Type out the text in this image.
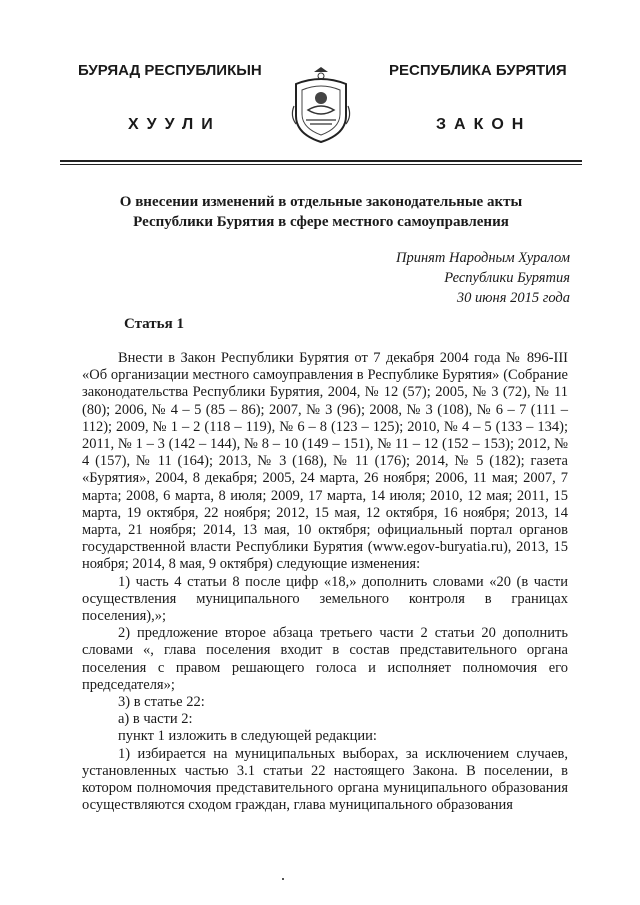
БУРЯАД РЕСПУБЛИКЫН
ХУУЛИ
РЕСПУБЛИКА БУРЯТИЯ
ЗАКОН
О внесении изменений в отдельные законодательные акты
Республики Бурятия в сфере местного самоуправления
Принят Народным Хуралом
Республики Бурятия
30 июня 2015 года
Статья 1

Внести в Закон Республики Бурятия от 7 декабря 2004 года № 896-III «Об организации местного самоуправления в Республике Бурятия» (Собрание законодательства Республики Бурятия, 2004, № 12 (57); 2005, № 3 (72), № 11 (80); 2006, № 4 – 5 (85 – 86); 2007, № 3 (96); 2008, № 3 (108), № 6 – 7 (111 – 112); 2009, № 1 – 2 (118 – 119), № 6 – 8 (123 – 125); 2010, № 4 – 5 (133 – 134); 2011, № 1 – 3 (142 – 144), № 8 – 10 (149 – 151), № 11 – 12 (152 – 153); 2012, № 4 (157), № 11 (164); 2013, № 3 (168), № 11 (176); 2014, № 5 (182); газета «Бурятия», 2004, 8 декабря; 2005, 24 марта, 26 ноября; 2006, 11 мая; 2007, 7 марта; 2008, 6 марта, 8 июля; 2009, 17 марта, 14 июля; 2010, 12 мая; 2011, 15 марта, 19 октября, 22 ноября; 2012, 15 мая, 12 октября, 16 ноября; 2013, 14 марта, 21 ноября; 2014, 13 мая, 10 октября; официальный портал органов государственной власти Республики Бурятия (www.egov-buryatia.ru), 2013, 15 ноября; 2014, 8 мая, 9 октября) следующие изменения:

1) часть 4 статьи 8 после цифр «18,» дополнить словами «20 (в части осуществления муниципального земельного контроля в границах поселения),»;

2) предложение второе абзаца третьего части 2 статьи 20 дополнить словами «, глава поселения входит в состав представительного органа поселения с правом решающего голоса и исполняет полномочия его председателя»;

3) в статье 22:

а) в части 2:

пункт 1 изложить в следующей редакции:

1) избирается на муниципальных выборах, за исключением случаев, установленных частью 3.1 статьи 22 настоящего Закона. В поселении, в котором полномочия представительного органа муниципального образования осуществляются сходом граждан, глава муниципального образования
